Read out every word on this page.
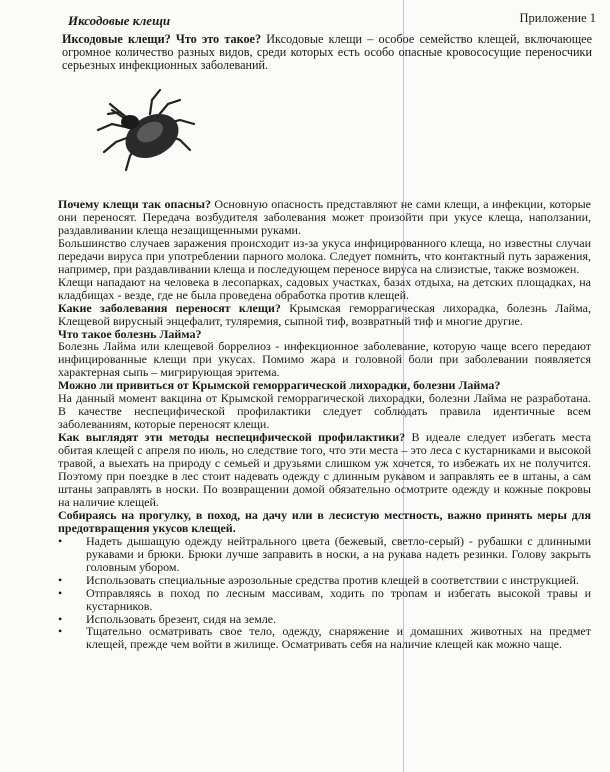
Приложение 1
Иксодовые клещи
Иксодовые клещи? Что это такое? Иксодовые клещи – особое семейство клещей, включающее огромное количество разных видов, среди которых есть особо опасные кровососущие переносчики серьезных инфекционных заболеваний.

Почему клещи так опасны? Основную опасность представляют не сами клещи, а инфекции, которые они переносят. Передача возбудителя заболевания может произойти при укусе клеща, наползании, раздавливании клеща незащищенными руками.

Большинство случаев заражения происходит из-за укуса инфицированного клеща, но известны случаи передачи вируса при употреблении парного молока. Следует помнить, что контактный путь заражения, например, при раздавливании клеща и последующем переносе вируса на слизистые, также возможен.

Клещи нападают на человека в лесопарках, садовых участках, базах отдыха, на детских площадках, на кладбищах - везде, где не была проведена обработка против клещей.

Какие заболевания переносят клещи? Крымская геморрагическая лихорадка, болезнь Лайма, Клещевой вирусный энцефалит, туляремия, сыпной тиф, возвратный тиф и многие другие.

Что такое болезнь Лайма?

Болезнь Лайма или клещевой боррелиоз - инфекционное заболевание, которую чаще всего передают инфицированные клещи при укусах. Помимо жара и головной боли при заболевании появляется характерная сыпь – мигрирующая эритема.

Можно ли привиться от Крымской геморрагической лихорадки, болезни Лайма?

На данный момент вакцина от Крымской геморрагической лихорадки, болезни Лайма не разработана. В качестве неспецифической профилактики следует соблюдать правила идентичные всем заболеваниям, которые переносят клещи.

Как выглядят эти методы неспецифической профилактики? В идеале следует избегать места обитая клещей с апреля по июль, но следствие того, что эти места – это леса с кустарниками и высокой травой, а выехать на природу с семьей и друзьями слишком уж хочется, то избежать их не получится. Поэтому при поездке в лес стоит надевать одежду с длинным рукавом и заправлять ее в штаны, а сам штаны заправлять в носки. По возвращении домой обязательно осмотрите одежду и кожные покровы на наличие клещей.

Собираясь на прогулку, в поход, на дачу или в лесистую местность, важно принять меры для предотвращения укусов клещей.

•	Надеть дышащую одежду нейтрального цвета (бежевый, светло-серый) - рубашки с длинными рукавами и брюки. Брюки лучше заправить в носки, а на рукава надеть резинки. Голову закрыть головным убором.
•	Использовать специальные аэрозольные средства против клещей в соответствии с инструкцией.
•	Отправляясь в поход по лесным массивам, ходить по тропам и избегать высокой травы и кустарников.
•	Использовать брезент, сидя на земле.
•	Тщательно осматривать свое тело, одежду, снаряжение и домашних животных на предмет клещей, прежде чем войти в жилище. Осматривать себя на наличие клещей как можно чаще.
